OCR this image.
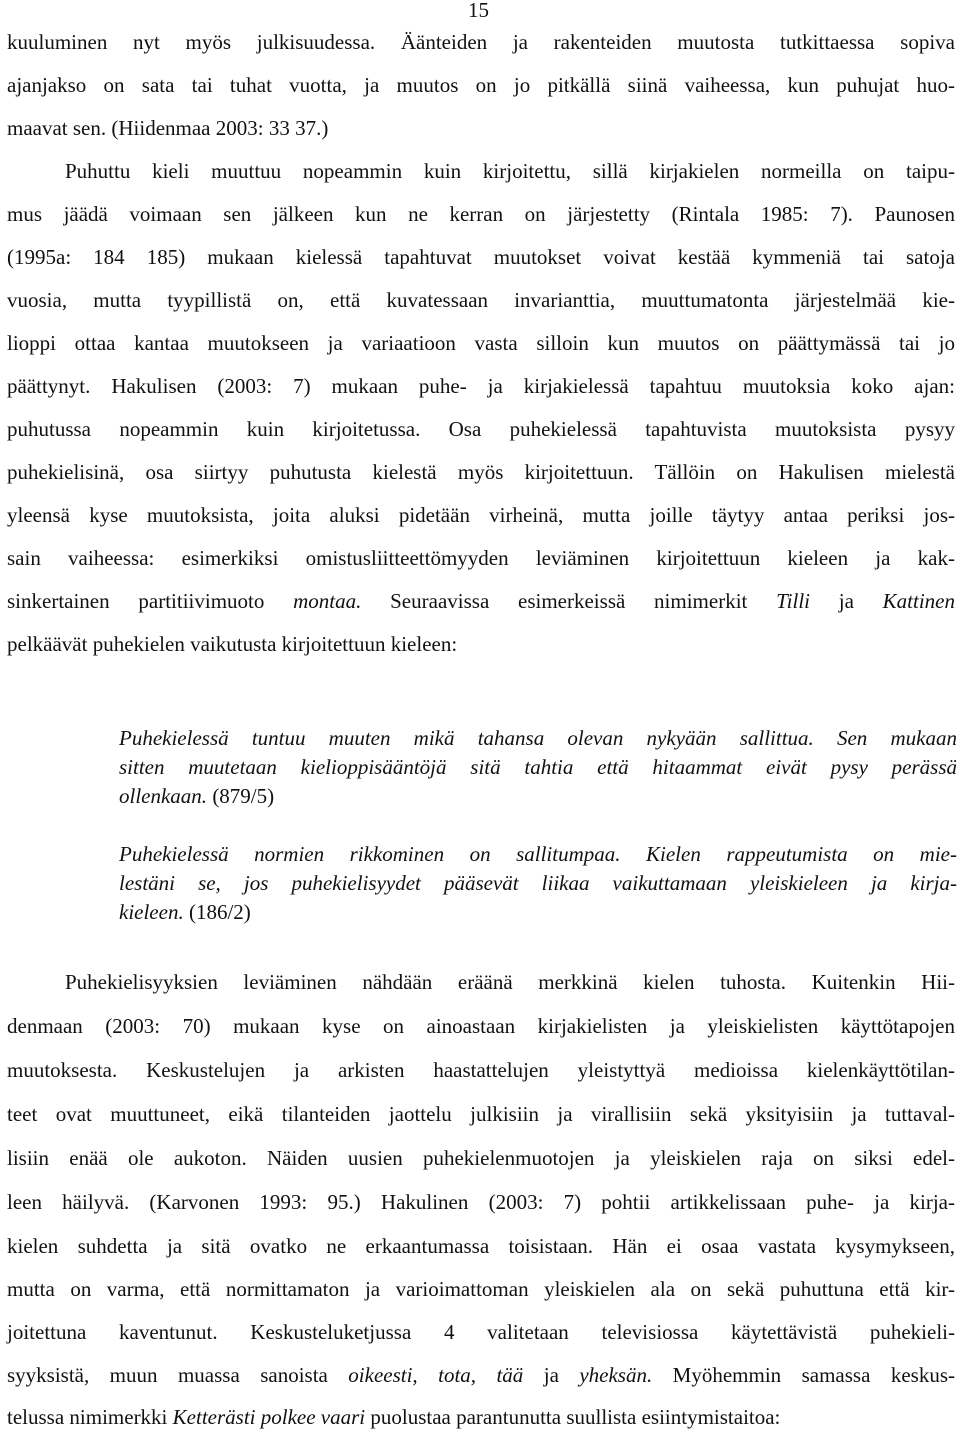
15
kuuluminen nyt myös julkisuudessa. Äänteiden ja rakenteiden muutosta tutkittaessa sopiva
ajanjakso on sata tai tuhat vuotta, ja muutos on jo pitkällä siinä vaiheessa, kun puhujat huo-
maavat sen. (Hiidenmaa 2003: 33 37.)
Puhuttu kieli muuttuu nopeammin kuin kirjoitettu, sillä kirjakielen normeilla on taipu-
mus jäädä voimaan sen jälkeen kun ne kerran on järjestetty (Rintala 1985: 7). Paunosen
(1995a: 184 185) mukaan kielessä tapahtuvat muutokset voivat kestää kymmeniä tai satoja
vuosia, mutta tyypillistä on, että kuvatessaan invarianttia, muuttumatonta järjestelmää kie-
lioppi ottaa kantaa muutokseen ja variaatioon vasta silloin kun muutos on päättymässä tai jo
päättynyt. Hakulisen (2003: 7) mukaan puhe- ja kirjakielessä tapahtuu muutoksia koko ajan:
puhutussa nopeammin kuin kirjoitetussa. Osa puhekielessä tapahtuvista muutoksista pysyy
puhekielisinä, osa siirtyy puhutusta kielestä myös kirjoitettuun. Tällöin on Hakulisen mielestä
yleensä kyse muutoksista, joita aluksi pidetään virheinä, mutta joille täytyy antaa periksi jos-
sain vaiheessa: esimerkiksi omistusliitteettömyyden leviäminen kirjoitettuun kieleen ja kak-
sinkertainen partitiivimuoto montaa. Seuraavissa esimerkeissä nimimerkit Tilli ja Kattinen
pelkäävät puhekielen vaikutusta kirjoitettuun kieleen:
Puhekielessä tuntuu muuten mikä tahansa olevan nykyään sallittua. Sen mukaan
sitten muutetaan kielioppisääntöjä sitä tahtia että hitaammat eivät pysy perässä
ollenkaan. (879/5)
Puhekielessä normien rikkominen on sallitumpaa. Kielen rappeutumista on mie-
lestäni se, jos puhekielisyydet pääsevät liikaa vaikuttamaan yleiskieleen ja kirja-
kieleen. (186/2)
Puhekielisyyksien leviäminen nähdään eräänä merkkinä kielen tuhosta. Kuitenkin Hii-
denmaan (2003: 70) mukaan kyse on ainoastaan kirjakielisten ja yleiskielisten käyttötapojen
muutoksesta. Keskustelujen ja arkisten haastattelujen yleistyttyä medioissa kielenkäyttötilan-
teet ovat muuttuneet, eikä tilanteiden jaottelu julkisiin ja virallisiin sekä yksityisiin ja tuttaval-
lisiin enää ole aukoton. Näiden uusien puhekielenmuotojen ja yleiskielen raja on siksi edel-
leen häilyvä. (Karvonen 1993: 95.) Hakulinen (2003: 7) pohtii artikkelissaan puhe- ja kirja-
kielen suhdetta ja sitä ovatko ne erkaantumassa toisistaan. Hän ei osaa vastata kysymykseen,
mutta on varma, että normittamaton ja varioimattoman yleiskielen ala on sekä puhuttuna että kir-
joitettuna kaventunut. Keskusteluketjussa 4 valitetaan televisiossa käytettävistä puhekieli-
syyksistä, muun muassa sanoista oikeesti, tota, tää ja yheksän. Myöhemmin samassa keskus-
telussa nimimerkki Ketterästi polkee vaari puolustaa parantunutta suullista esiintymistaitoa:
